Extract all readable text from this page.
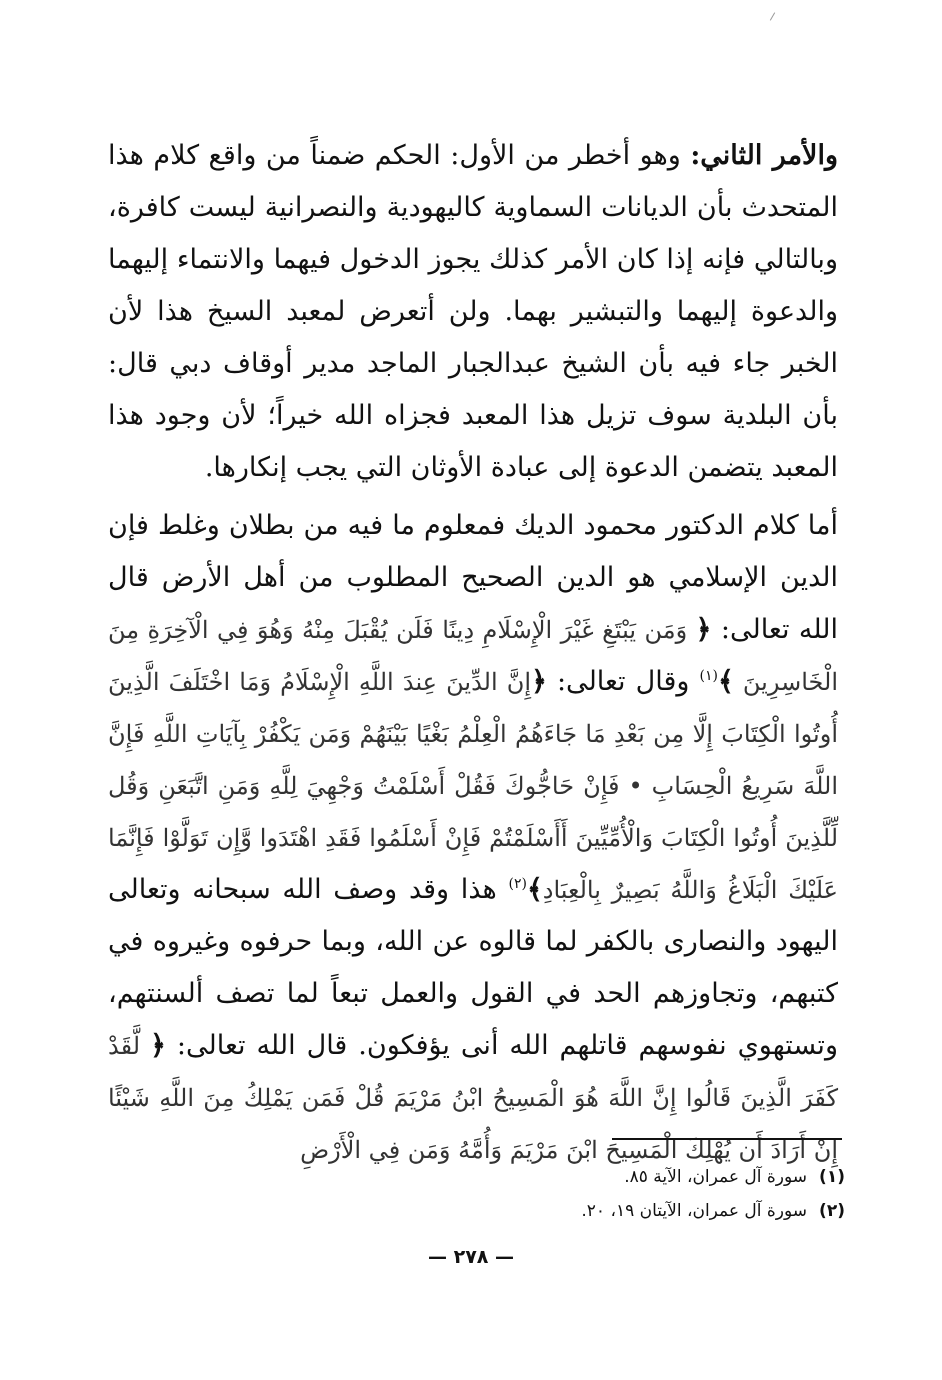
والأمر الثاني: وهو أخطر من الأول: الحكم ضمناً من واقع كلام هذا المتحدث بأن الديانات السماوية كاليهودية والنصرانية ليست كافرة، وبالتالي فإنه إذا كان الأمر كذلك يجوز الدخول فيهما والانتماء إليهما والدعوة إليهما والتبشير بهما. ولن أتعرض لمعبد السيخ هذا لأن الخبر جاء فيه بأن الشيخ عبدالجبار الماجد مدير أوقاف دبي قال: بأن البلدية سوف تزيل هذا المعبد فجزاه الله خيراً؛ لأن وجود هذا المعبد يتضمن الدعوة إلى عبادة الأوثان التي يجب إنكارها.

أما كلام الدكتور محمود الديك فمعلوم ما فيه من بطلان وغلط فإن الدين الإسلامي هو الدين الصحيح المطلوب من أهل الأرض قال الله تعالى: ﴿ وَمَن يَبْتَغِ غَيْرَ الْإِسْلَامِ دِينًا فَلَن يُقْبَلَ مِنْهُ وَهُوَ فِي الْآخِرَةِ مِنَ الْخَاسِرِينَ ﴾$^{(١)}$ وقال تعالى: ﴿إِنَّ الدِّينَ عِندَ اللَّهِ الْإِسْلَامُ وَمَا اخْتَلَفَ الَّذِينَ أُوتُوا الْكِتَابَ إِلَّا مِن بَعْدِ مَا جَاءَهُمُ الْعِلْمُ بَغْيًا بَيْنَهُمْ وَمَن يَكْفُرْ بِآيَاتِ اللَّهِ فَإِنَّ اللَّهَ سَرِيعُ الْحِسَابِ • فَإِنْ حَاجُّوكَ فَقُلْ أَسْلَمْتُ وَجْهِيَ لِلَّهِ وَمَنِ اتَّبَعَنِ وَقُل لِّلَّذِينَ أُوتُوا الْكِتَابَ وَالْأُمِّيِّينَ أَأَسْلَمْتُمْ فَإِنْ أَسْلَمُوا فَقَدِ اهْتَدَوا وَّإِن تَوَلَّوْا فَإِنَّمَا عَلَيْكَ الْبَلَاغُ وَاللَّهُ بَصِيرٌ بِالْعِبَادِ﴾$^{(٢)}$ هذا وقد وصف الله سبحانه وتعالى اليهود والنصارى بالكفر لما قالوه عن الله، وبما حرفوه وغيروه في كتبهم، وتجاوزهم الحد في القول والعمل تبعاً لما تصف ألسنتهم، وتستهوي نفوسهم قاتلهم الله أنى يؤفكون. قال الله تعالى: ﴿ لَّقَدْ كَفَرَ الَّذِينَ قَالُوا إِنَّ اللَّهَ هُوَ الْمَسِيحُ ابْنُ مَرْيَمَ قُلْ فَمَن يَمْلِكُ مِنَ اللَّهِ شَيْئًا إِنْ أَرَادَ أَن يُهْلِكَ الْمَسِيحَ ابْنَ مَرْيَمَ وَأُمَّهُ وَمَن فِي الْأَرْضِ

(١)سورة آل عمران، الآية ٨٥.

(٢)سورة آل عمران، الآيتان ١٩، ٢٠.

— ٢٧٨ —
